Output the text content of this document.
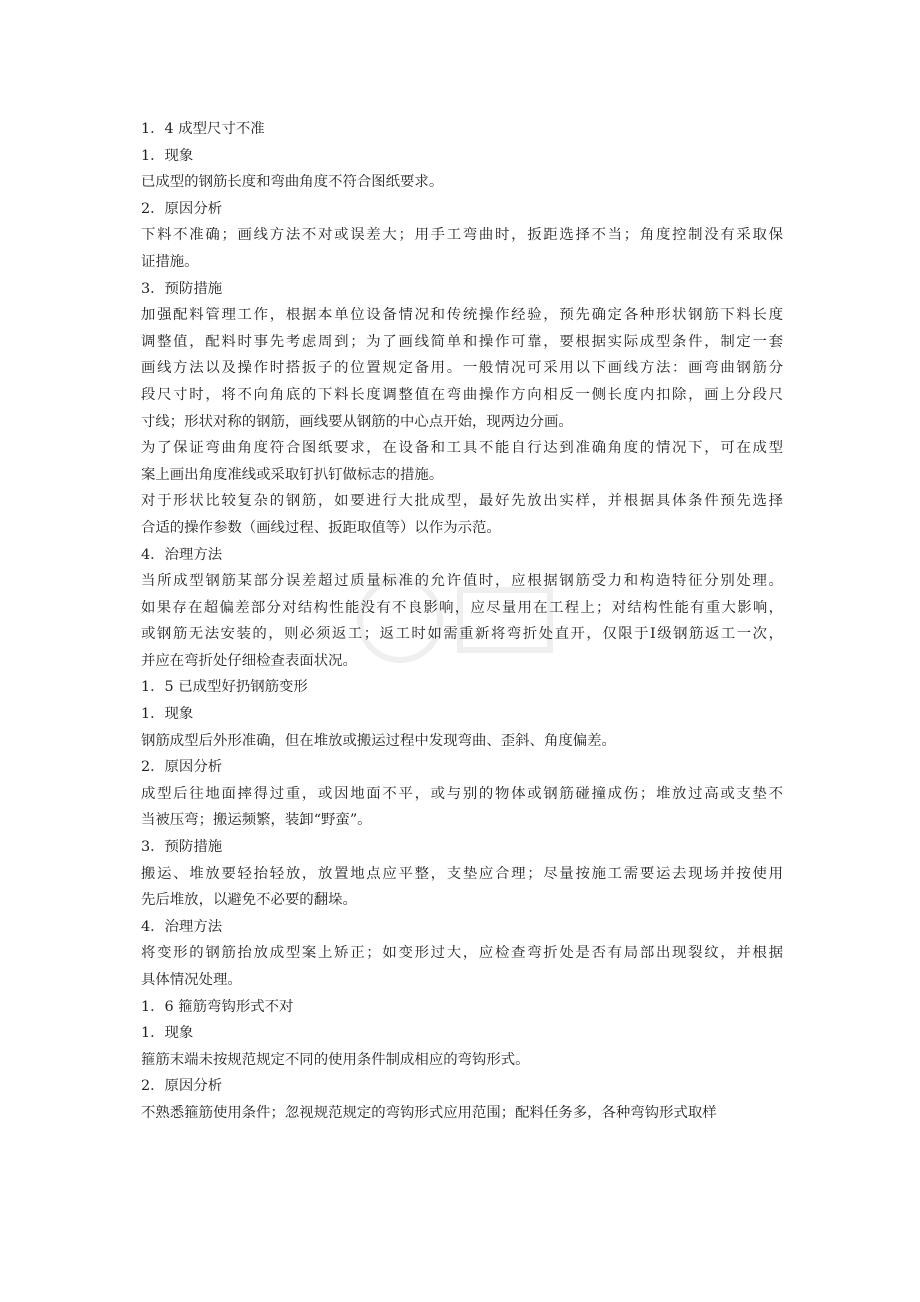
1．4 成型尺寸不准
1．现象
已成型的钢筋长度和弯曲角度不符合图纸要求。
2．原因分析
下料不准确；画线方法不对或误差大；用手工弯曲时，扳距选择不当；角度控制没有采取保
证措施。
3．预防措施
加强配料管理工作，根据本单位设备情况和传统操作经验，预先确定各种形状钢筋下料长度
调整值，配料时事先考虑周到；为了画线简单和操作可靠，要根据实际成型条件，制定一套
画线方法以及操作时搭扳子的位置规定备用。一般情况可采用以下画线方法：画弯曲钢筋分
段尺寸时，将不向角底的下料长度调整值在弯曲操作方向相反一侧长度内扣除，画上分段尺
寸线；形状对称的钢筋，画线要从钢筋的中心点开始，现两边分画。
为了保证弯曲角度符合图纸要求，在设备和工具不能自行达到准确角度的情况下，可在成型
案上画出角度准线或采取钉扒钉做标志的措施。
对于形状比较复杂的钢筋，如要进行大批成型，最好先放出实样，并根据具体条件预先选择
合适的操作参数（画线过程、扳距取值等）以作为示范。
4．治理方法
当所成型钢筋某部分误差超过质量标准的允许值时，应根据钢筋受力和构造特征分别处理。
如果存在超偏差部分对结构性能没有不良影响，应尽量用在工程上；对结构性能有重大影响，
或钢筋无法安装的，则必须返工；返工时如需重新将弯折处直开，仅限于Ⅰ级钢筋返工一次，
并应在弯折处仔细检查表面状况。
1．5 已成型好扔钢筋变形
1．现象
钢筋成型后外形准确，但在堆放或搬运过程中发现弯曲、歪斜、角度偏差。
2．原因分析
成型后往地面摔得过重，或因地面不平，或与别的物体或钢筋碰撞成伤；堆放过高或支垫不
当被压弯；搬运频繁，装卸“野蛮”。
3．预防措施
搬运、堆放要轻抬轻放，放置地点应平整，支垫应合理；尽量按施工需要运去现场并按使用
先后堆放，以避免不必要的翻垛。
4．治理方法
将变形的钢筋抬放成型案上矫正；如变形过大，应检查弯折处是否有局部出现裂纹，并根据
具体情况处理。
1．6 箍筋弯钩形式不对
1．现象
箍筋末端未按规范规定不同的使用条件制成相应的弯钩形式。
2．原因分析
不熟悉箍筋使用条件；忽视规范规定的弯钩形式应用范围；配料任务多，各种弯钩形式取样
